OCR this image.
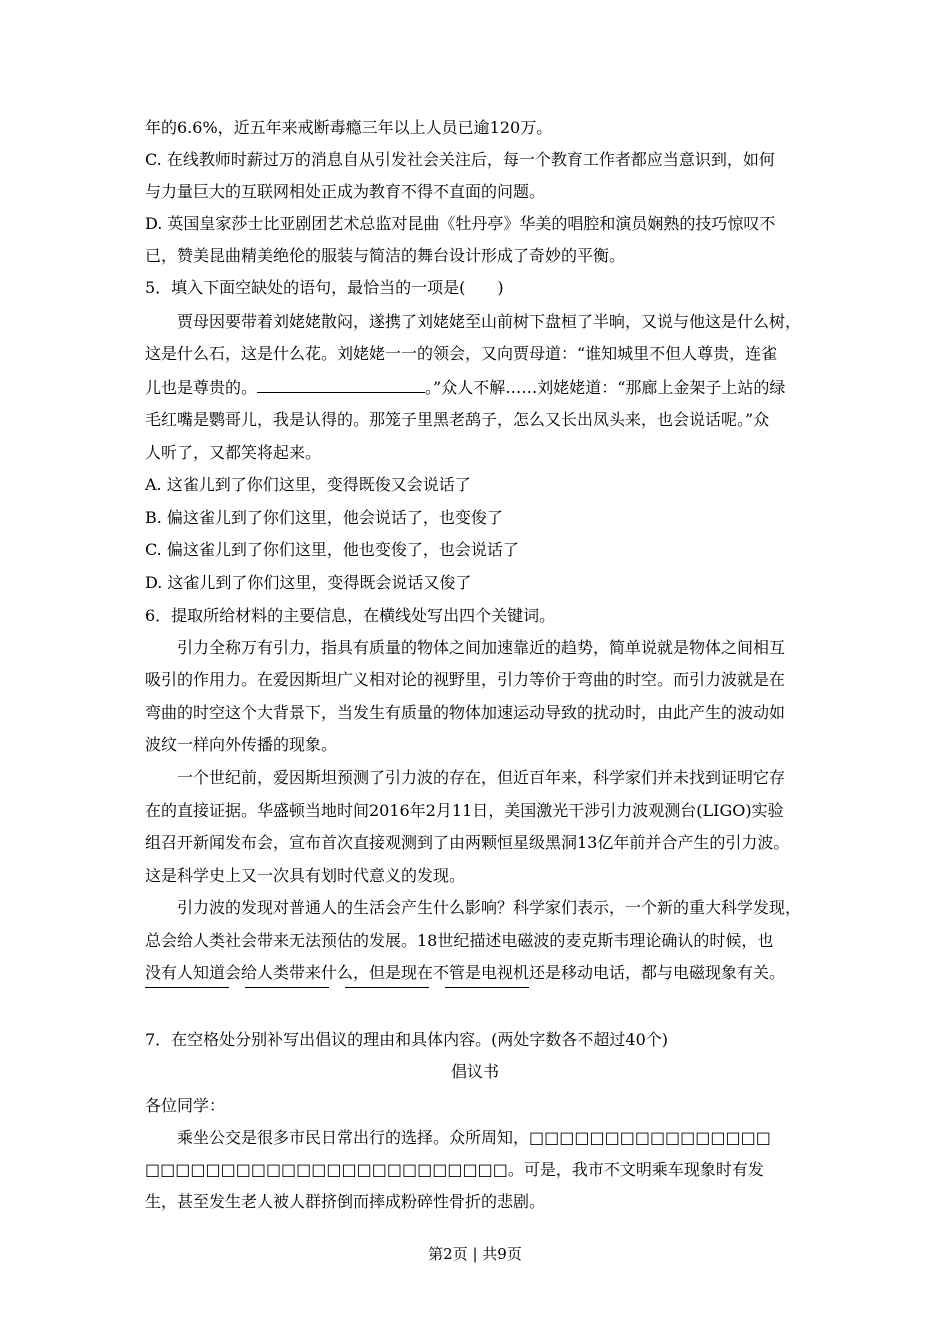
年的6.6%，近五年来戒断毒瘾三年以上人员已逾120万。
C. 在线教师时薪过万的消息自从引发社会关注后，每一个教育工作者都应当意识到，如何
与力量巨大的互联网相处正成为教育不得不直面的问题。
D. 英国皇家莎士比亚剧团艺术总监对昆曲《牡丹亭》华美的唱腔和演员娴熟的技巧惊叹不
已，赞美昆曲精美绝伦的服装与简洁的舞台设计形成了奇妙的平衡。
5．填入下面空缺处的语句，最恰当的一项是(　　)
贾母因要带着刘姥姥散闷，遂携了刘姥姥至山前树下盘桓了半晌，又说与他这是什么树，
这是什么石，这是什么花。刘姥姥一一的领会，又向贾母道：“谁知城里不但人尊贵，连雀
儿也是尊贵的。	。”众人不解……刘姥姥道：“那廊上金架子上站的绿
毛红嘴是鹦哥儿，我是认得的。那笼子里黑老鸹子，怎么又长出凤头来，也会说话呢。”众
人听了，又都笑将起来。
A. 这雀儿到了你们这里，变得既俊又会说话了
B. 偏这雀儿到了你们这里，他会说话了，也变俊了
C. 偏这雀儿到了你们这里，他也变俊了，也会说话了
D. 这雀儿到了你们这里，变得既会说话又俊了
6．提取所给材料的主要信息，在横线处写出四个关键词。
引力全称万有引力，指具有质量的物体之间加速靠近的趋势，简单说就是物体之间相互
吸引的作用力。在爱因斯坦广义相对论的视野里，引力等价于弯曲的时空。而引力波就是在
弯曲的时空这个大背景下，当发生有质量的物体加速运动导致的扰动时，由此产生的波动如
波纹一样向外传播的现象。
一个世纪前，爱因斯坦预测了引力波的存在，但近百年来，科学家们并未找到证明它存
在的直接证据。华盛顿当地时间2016年2月11日，美国激光干涉引力波观测台(LIGO)实验
组召开新闻发布会，宣布首次直接观测到了由两颗恒星级黑洞13亿年前并合产生的引力波。
这是科学史上又一次具有划时代意义的发现。
引力波的发现对普通人的生活会产生什么影响？科学家们表示，一个新的重大科学发现，
总会给人类社会带来无法预估的发展。18世纪描述电磁波的麦克斯韦理论确认的时候，也
没有人知道会给人类带来什么，但是现在不管是电视机还是移动电话，都与电磁现象有关。
7．在空格处分别补写出倡议的理由和具体内容。(两处字数各不超过40个)
倡议书
各位同学：
乘坐公交是很多市民日常出行的选择。众所周知，□□□□□□□□□□□□□□□□
□□□□□□□□□□□□□□□□□□□□□□□□。可是，我市不文明乘车现象时有发
生，甚至发生老人被人群挤倒而摔成粉碎性骨折的悲剧。
第2页 | 共9页
